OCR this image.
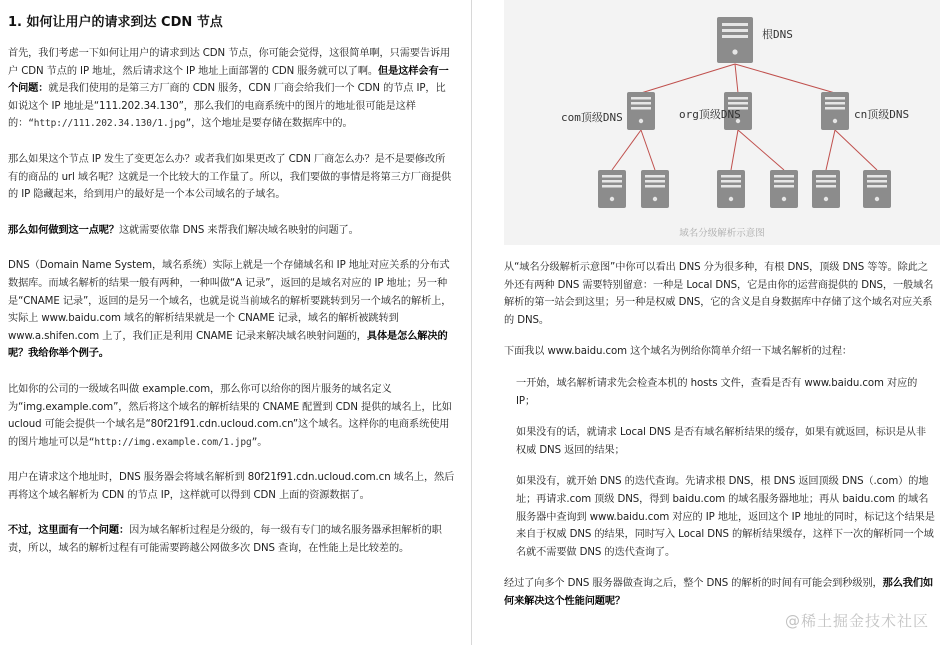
1. 如何让用户的请求到达 CDN 节点

首先，我们考虑一下如何让用户的请求到达 CDN 节点，你可能会觉得，这很简单啊，只需要告诉用户 CDN 节点的 IP 地址，然后请求这个 IP 地址上面部署的 CDN 服务就可以了啊。但是这样会有一个问题：就是我们使用的是第三方厂商的 CDN 服务，CDN 厂商会给我们一个 CDN 的节点 IP，比如说这个 IP 地址是“111.202.34.130”，那么我们的电商系统中的图片的地址很可能是这样的：“http://111.202.34.130/1.jpg”，这个地址是要存储在数据库中的。

那么如果这个节点 IP 发生了变更怎么办？或者我们如果更改了 CDN 厂商怎么办？是不是要修改所有的商品的 url 域名呢？这就是一个比较大的工作量了。所以，我们要做的事情是将第三方厂商提供的 IP 隐藏起来，给到用户的最好是一个本公司域名的子域名。

那么如何做到这一点呢？这就需要依靠 DNS 来帮我们解决域名映射的问题了。

DNS（Domain Name System，域名系统）实际上就是一个存储域名和 IP 地址对应关系的分布式数据库。而域名解析的结果一般有两种，一种叫做“A 记录”，返回的是域名对应的 IP 地址；另一种是“CNAME 记录”，返回的是另一个域名，也就是说当前域名的解析要跳转到另一个域名的解析上，实际上 www.baidu.com 域名的解析结果就是一个 CNAME 记录，域名的解析被跳转到 www.a.shifen.com 上了，我们正是利用 CNAME 记录来解决域名映射问题的，具体是怎么解决的呢？我给你举个例子。

比如你的公司的一级域名叫做 example.com，那么你可以给你的图片服务的域名定义为“img.example.com”，然后将这个域名的解析结果的 CNAME 配置到 CDN 提供的域名上，比如 ucloud 可能会提供一个域名是“80f21f91.cdn.ucloud.com.cn”这个域名。这样你的电商系统使用的图片地址可以是“http://img.example.com/1.jpg”。

用户在请求这个地址时，DNS 服务器会将域名解析到 80f21f91.cdn.ucloud.com.cn 域名上，然后再将这个域名解析为 CDN 的节点 IP，这样就可以得到 CDN 上面的资源数据了。

不过，这里面有一个问题：因为域名解析过程是分级的，每一级有专门的域名服务器承担解析的职责，所以，域名的解析过程有可能需要跨越公网做多次 DNS 查询，在性能上是比较差的。

根DNS
com顶级DNS	org顶级DNS	cn顶级DNS
域名分级解析示意图

从“域名分级解析示意图”中你可以看出 DNS 分为很多种，有根 DNS，顶级 DNS 等等。除此之外还有两种 DNS 需要特别留意：一种是 Local DNS，它是由你的运营商提供的 DNS，一般域名解析的第一站会到这里；另一种是权威 DNS，它的含义是自身数据库中存储了这个域名对应关系的 DNS。

下面我以 www.baidu.com 这个域名为例给你简单介绍一下域名解析的过程：

一开始，域名解析请求先会检查本机的 hosts 文件，查看是否有 www.baidu.com 对应的 IP；

如果没有的话，就请求 Local DNS 是否有域名解析结果的缓存，如果有就返回，标识是从非权威 DNS 返回的结果；

如果没有，就开始 DNS 的迭代查询。先请求根 DNS，根 DNS 返回顶级 DNS（.com）的地址；再请求.com 顶级 DNS，得到 baidu.com 的域名服务器地址；再从 baidu.com 的域名服务器中查询到 www.baidu.com 对应的 IP 地址，返回这个 IP 地址的同时，标记这个结果是来自于权威 DNS 的结果，同时写入 Local DNS 的解析结果缓存，这样下一次的解析同一个域名就不需要做 DNS 的迭代查询了。

经过了向多个 DNS 服务器做查询之后，整个 DNS 的解析的时间有可能会到秒级别，那么我们如何来解决这个性能问题呢？

@稀土掘金技术社区
